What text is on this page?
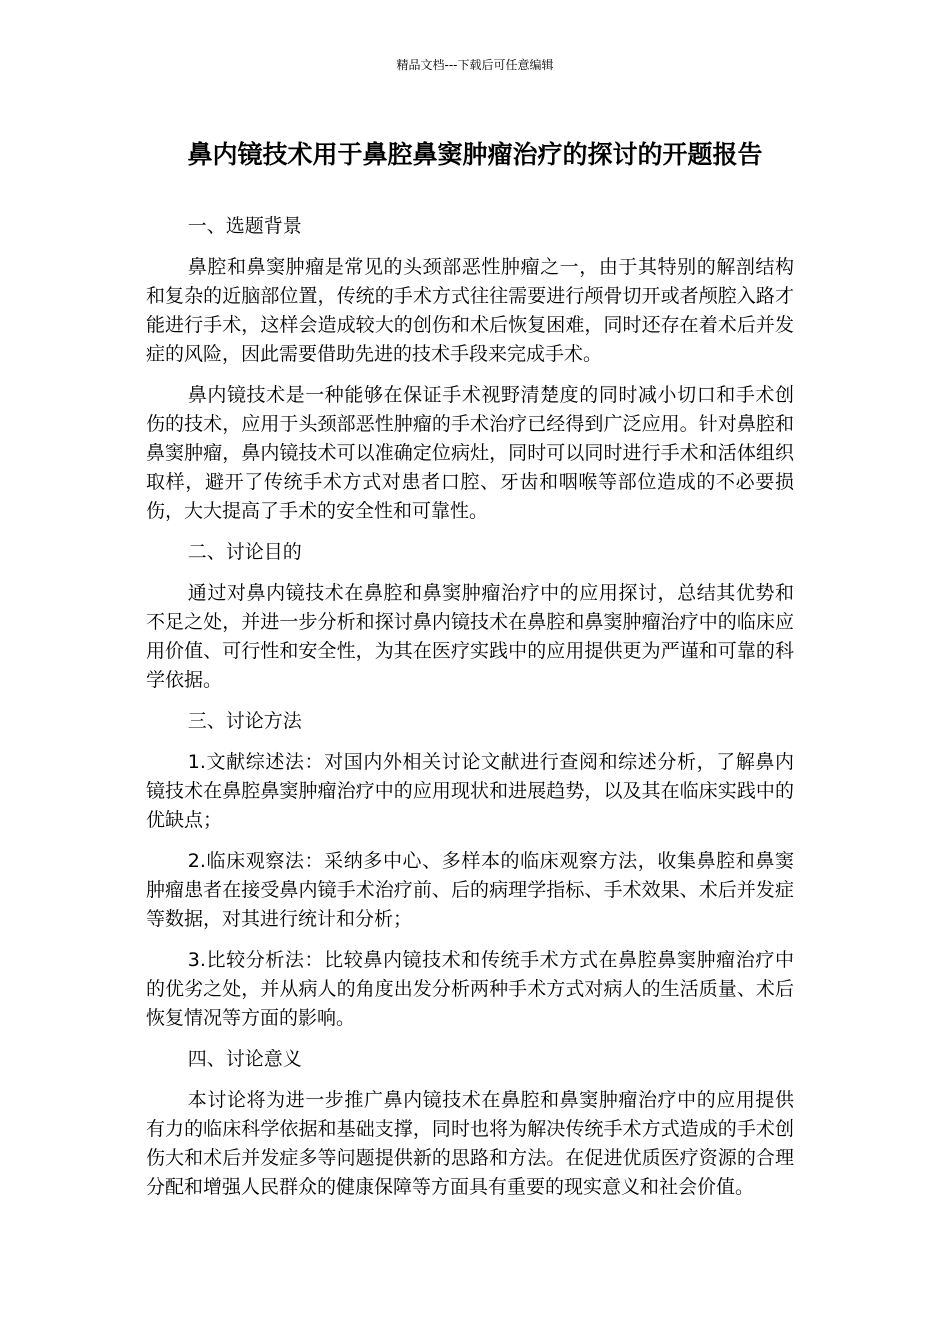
精品文档---下载后可任意编辑
鼻内镜技术用于鼻腔鼻窦肿瘤治疗的探讨的开题报告

一、选题背景

鼻腔和鼻窦肿瘤是常见的头颈部恶性肿瘤之一，由于其特别的解剖结构和复杂的近脑部位置，传统的手术方式往往需要进行颅骨切开或者颅腔入路才能进行手术，这样会造成较大的创伤和术后恢复困难，同时还存在着术后并发症的风险，因此需要借助先进的技术手段来完成手术。

鼻内镜技术是一种能够在保证手术视野清楚度的同时减小切口和手术创伤的技术，应用于头颈部恶性肿瘤的手术治疗已经得到广泛应用。针对鼻腔和鼻窦肿瘤，鼻内镜技术可以准确定位病灶，同时可以同时进行手术和活体组织取样，避开了传统手术方式对患者口腔、牙齿和咽喉等部位造成的不必要损伤，大大提高了手术的安全性和可靠性。

二、讨论目的

通过对鼻内镜技术在鼻腔和鼻窦肿瘤治疗中的应用探讨，总结其优势和不足之处，并进一步分析和探讨鼻内镜技术在鼻腔和鼻窦肿瘤治疗中的临床应用价值、可行性和安全性，为其在医疗实践中的应用提供更为严谨和可靠的科学依据。

三、讨论方法

1.文献综述法：对国内外相关讨论文献进行查阅和综述分析，了解鼻内镜技术在鼻腔鼻窦肿瘤治疗中的应用现状和进展趋势，以及其在临床实践中的优缺点；

2.临床观察法：采纳多中心、多样本的临床观察方法，收集鼻腔和鼻窦肿瘤患者在接受鼻内镜手术治疗前、后的病理学指标、手术效果、术后并发症等数据，对其进行统计和分析；

3.比较分析法：比较鼻内镜技术和传统手术方式在鼻腔鼻窦肿瘤治疗中的优劣之处，并从病人的角度出发分析两种手术方式对病人的生活质量、术后恢复情况等方面的影响。

四、讨论意义

本讨论将为进一步推广鼻内镜技术在鼻腔和鼻窦肿瘤治疗中的应用提供有力的临床科学依据和基础支撑，同时也将为解决传统手术方式造成的手术创伤大和术后并发症多等问题提供新的思路和方法。在促进优质医疗资源的合理分配和增强人民群众的健康保障等方面具有重要的现实意义和社会价值。
